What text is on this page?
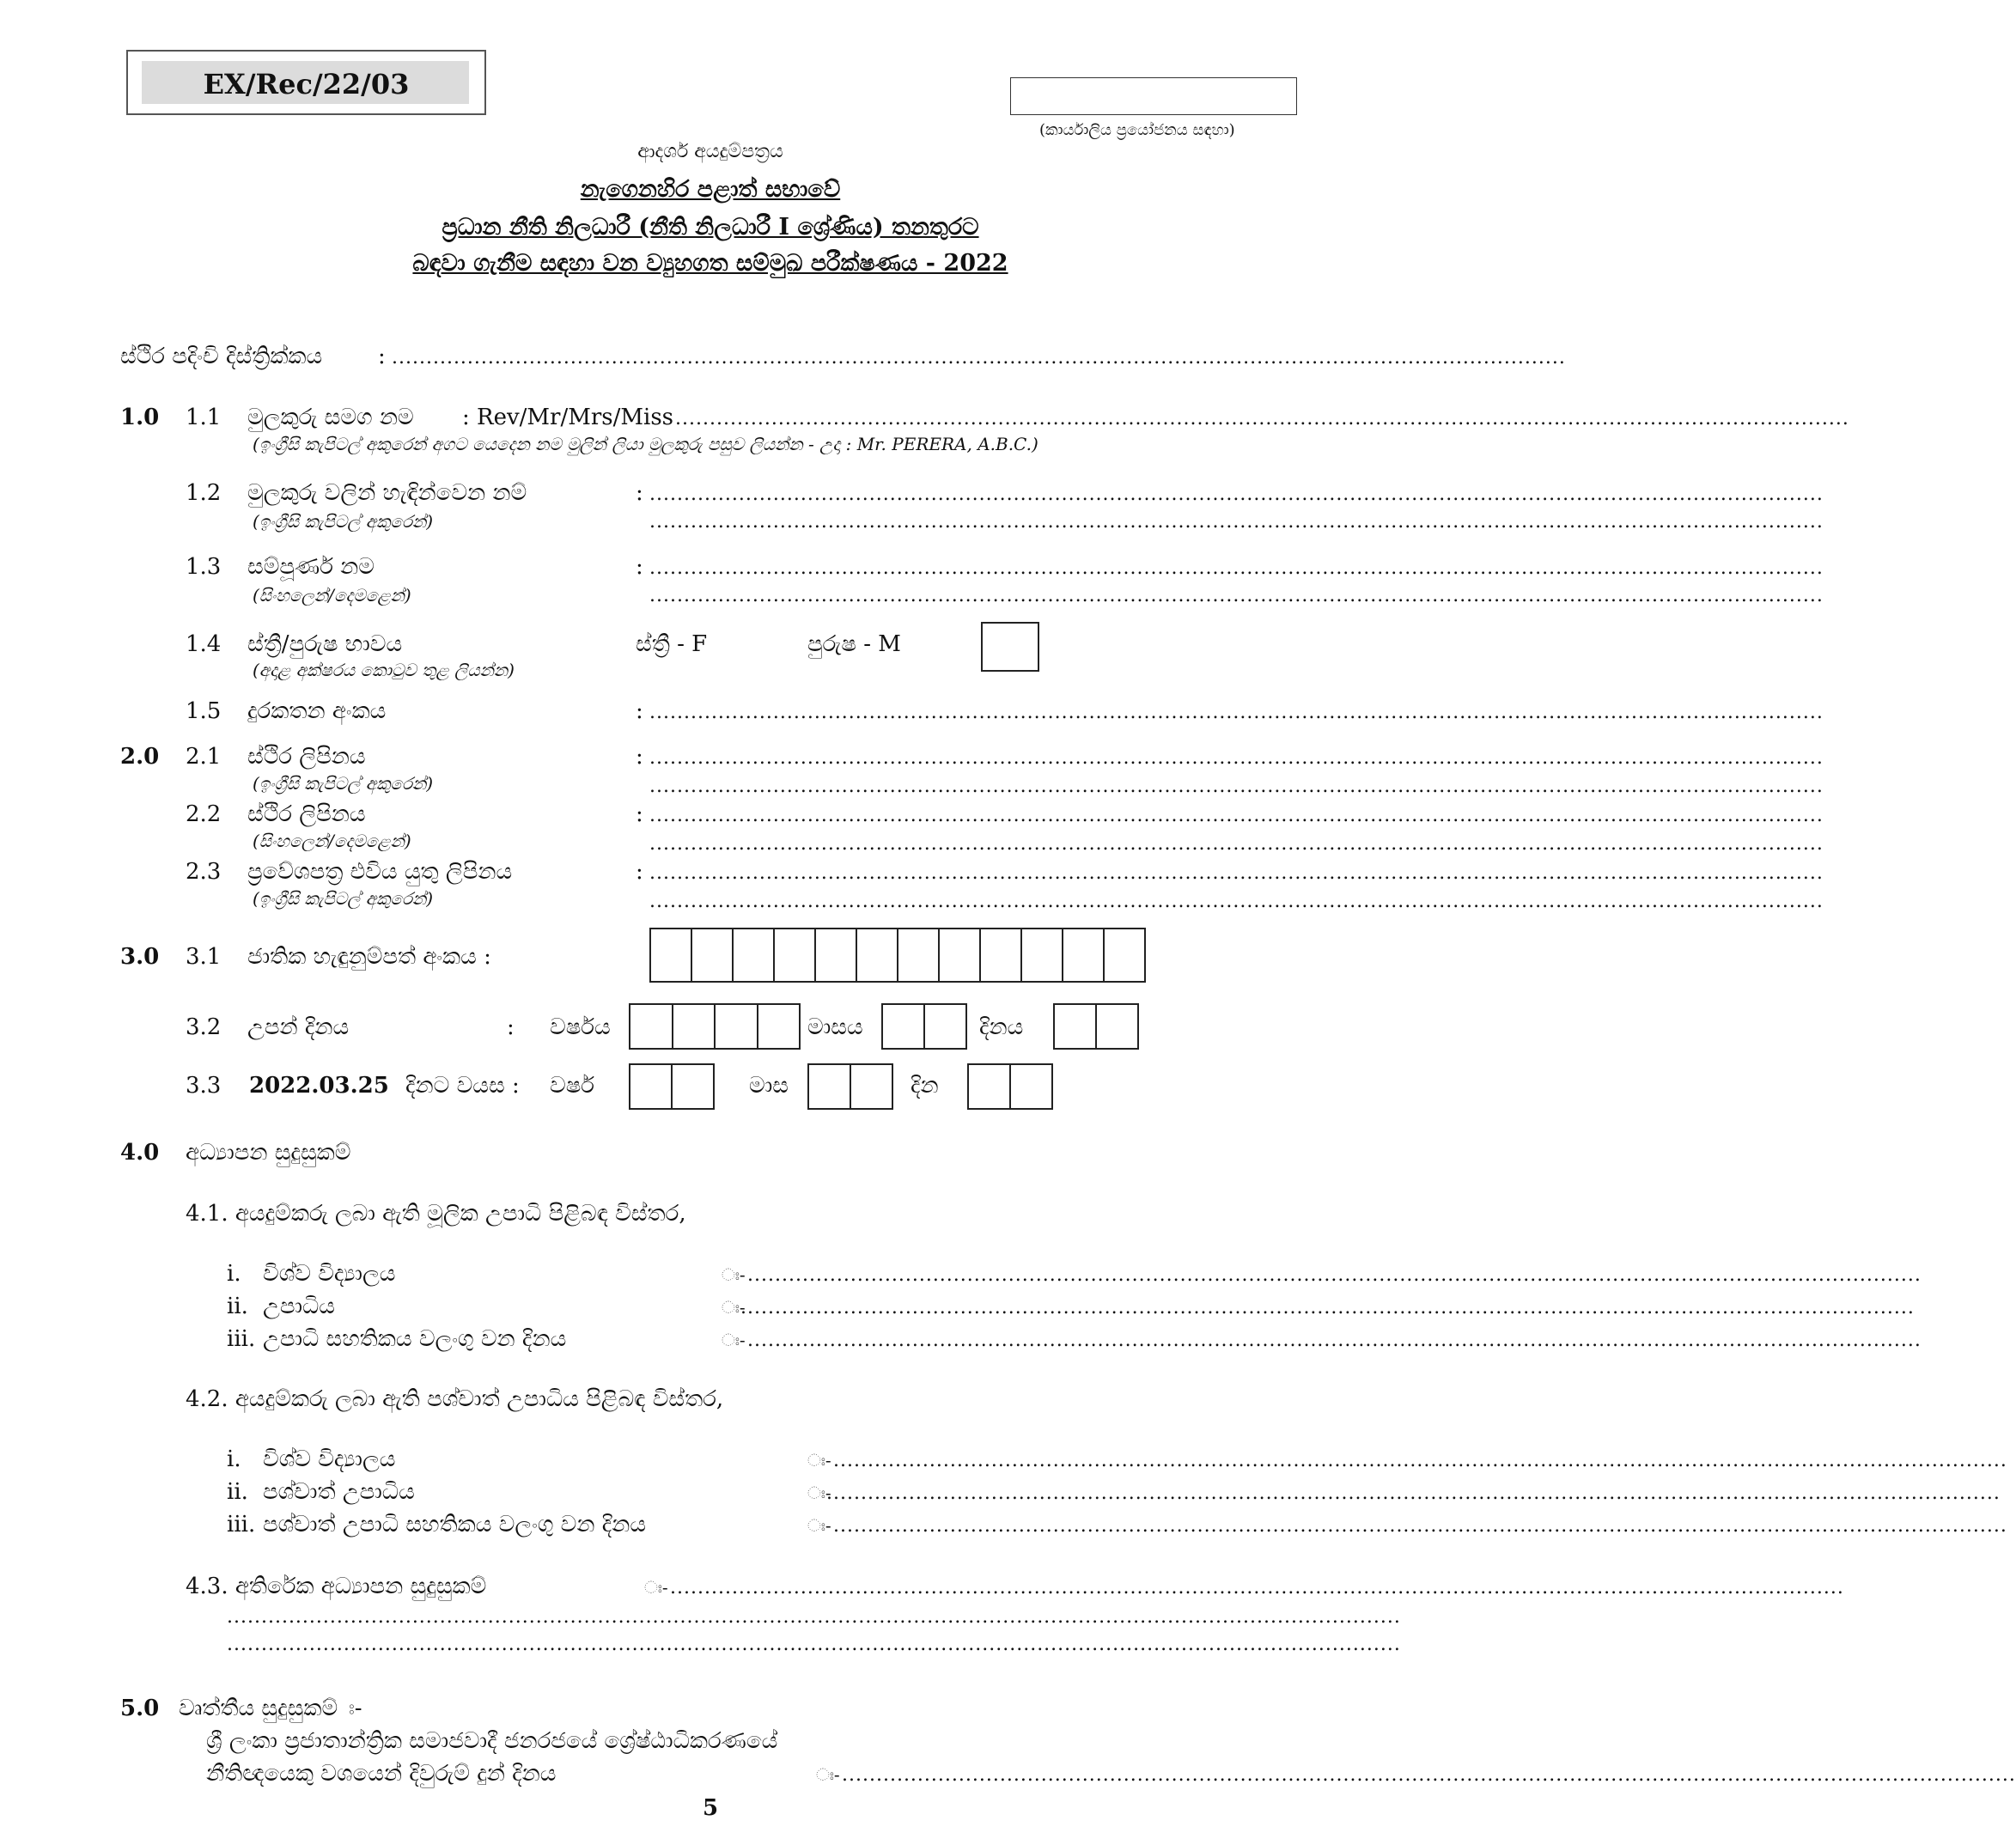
EX/Rec/22/03
(කාර්යාලිය ප්‍රයෝජනය සඳහා)
ආදර්ශ අයදුම්පත්‍රය
නැගෙනහිර පළාත් සභාවේ
ප්‍රධාන නීති නිලධාරී (නීති නිලධාරී I ශ්‍රේණිය) තනතුරට
බඳවා ගැනීම සඳහා වන ව්‍යුහගත සම්මුඛ පරීක්ෂණය - 2022
ස්ථිර පදිංචි දිස්ත්‍රික්කය : ...........................................................................................................................................................................
1.0 1.1 මුලකුරු සමග නම : Rev/Mr/Mrs/Miss ...........................................................................................................................................................................
(ඉංග්‍රීසි කැපිටල් අකුරෙන් අගට යෙදෙන නම මුලින් ලියා මුලකුරු පසුව ලියන්න - උදා : Mr. PERERA, A.B.C.)
1.2 මුලකුරු වලින් හැඳින්වෙන නම්	: ...........................................................................................................................................................................
(ඉංග්‍රීසි කැපිටල් අකුරෙන්)	...........................................................................................................................................................................
1.3 සම්පූර්ණ නම	: ...........................................................................................................................................................................
(සිංහලෙන්/දෙමළෙන්)	...........................................................................................................................................................................
1.4 ස්ත්‍රී/පුරුෂ භාවය	ස්ත්‍රී - F	පුරුෂ - M
(අදාළ අක්ෂරය කොටුව තුළ ලියන්න)
1.5 දුරකතන අංකය	: ...........................................................................................................................................................................
2.0 2.1 ස්ථිර ලිපිනය	: ...........................................................................................................................................................................
(ඉංග්‍රීසි කැපිටල් අකුරෙන්)	...........................................................................................................................................................................
2.2 ස්ථිර ලිපිනය	: ...........................................................................................................................................................................
(සිංහලෙන්/දෙමළෙන්)	...........................................................................................................................................................................
2.3 ප්‍රවේශපත්‍ර එවිය යුතු ලිපිනය	: ...........................................................................................................................................................................
(ඉංග්‍රීසි කැපිටල් අකුරෙන්)	...........................................................................................................................................................................
3.0 3.1 ජාතික හැඳුනුම්පත් අංකය :
3.2 උපන් දිනය	: වර්ෂය	මාසය	දිනය
3.3 2022.03.25 දිනට වයස : වර්ෂ	මාස	දින
4.0 අධ්‍යාපන සුදුසුකම්
4.1. අයදුම්කරු ලබා ඇති මූලික උපාධි පිළිබඳ විස්තර,
i. විශ්ව විද්‍යාලය	ඃ- ...........................................................................................................................................................................
ii. උපාධිය	ඃ-
...........................................................................................................................................................................
iii. උපාධි සහතිකය වලංගු වන දිනය	ඃ- ...........................................................................................................................................................................
4.2. අයදුම්කරු ලබා ඇති පශ්චාත් උපාධිය පිළිබඳ විස්තර,
i. විශ්ව විද්‍යාලය	ඃ- ...........................................................................................................................................................................
ii. පශ්චාත් උපාධිය	ඃ-
...........................................................................................................................................................................
iii. පශ්චාත් උපාධි සහතිකය වලංගු වන දිනය	ඃ- ...........................................................................................................................................................................
4.3. අතිරේක අධ්‍යාපන සුදුසුකම්	ඃ- ...........................................................................................................................................................................
...........................................................................................................................................................................
...........................................................................................................................................................................
5.0 වෘත්තීය සුදුසුකම් ඃ-
ශ්‍රී ලංකා ප්‍රජාතාන්ත්‍රික සමාජවාදී ජනරජයේ ශ්‍රේෂ්ඨාධිකරණයේ
නීතිඥයෙකු වශයෙන් දිවුරුම් දුන් දිනය	ඃ- ...........................................................................................................................................................................
5
